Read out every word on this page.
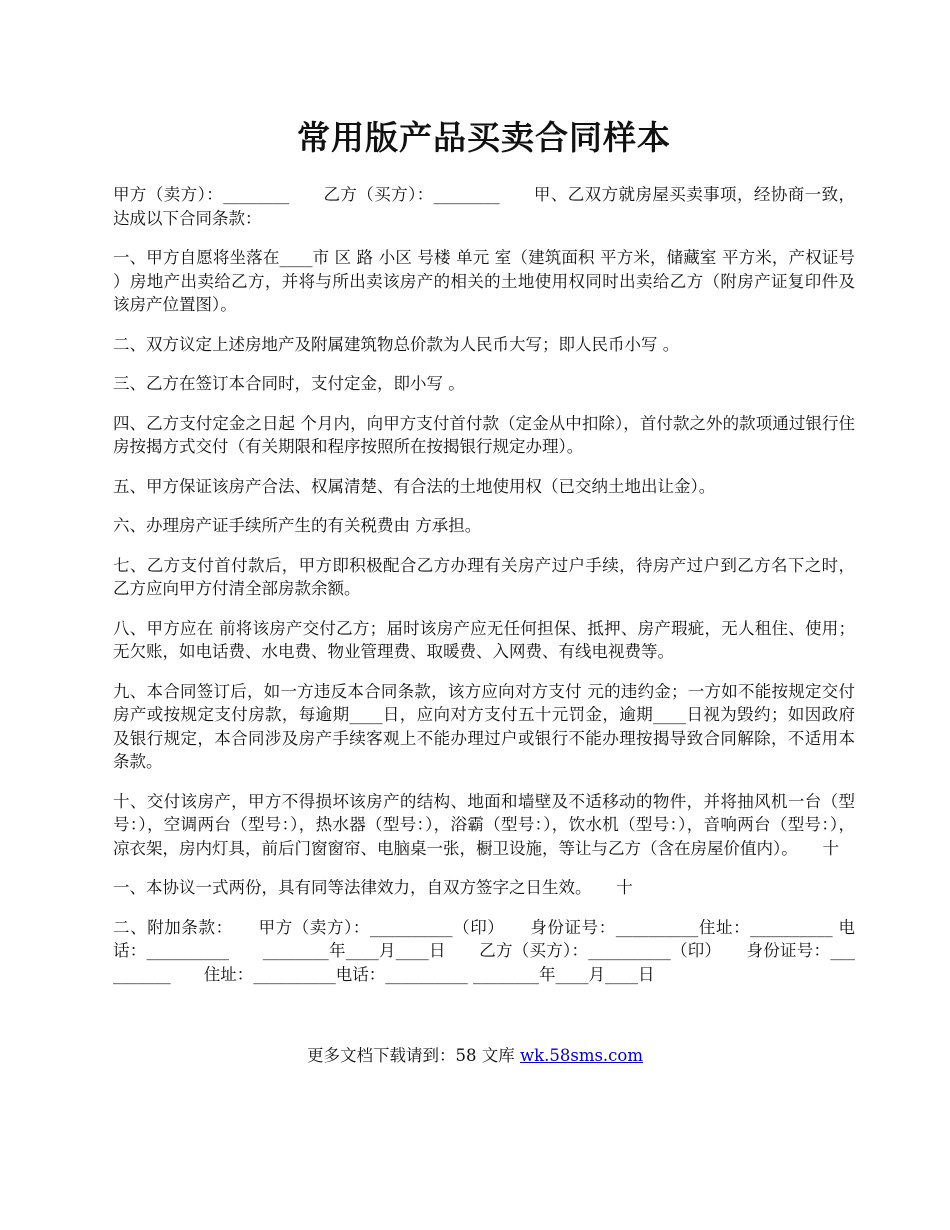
常用版产品买卖合同样本

甲方（卖方）：________　　乙方（买方）：________　　甲、乙双方就房屋买卖事项，经协商一致，达成以下合同条款：

一、甲方自愿将坐落在____市 区 路 小区 号楼 单元 室（建筑面积 平方米，储藏室 平方米，产权证号 ）房地产出卖给乙方，并将与所出卖该房产的相关的土地使用权同时出卖给乙方（附房产证复印件及该房产位置图）。

二、双方议定上述房地产及附属建筑物总价款为人民币大写；即人民币小写 。

三、乙方在签订本合同时，支付定金，即小写 。

四、乙方支付定金之日起 个月内，向甲方支付首付款（定金从中扣除），首付款之外的款项通过银行住房按揭方式交付（有关期限和程序按照所在按揭银行规定办理）。

五、甲方保证该房产合法、权属清楚、有合法的土地使用权（已交纳土地出让金）。

六、办理房产证手续所产生的有关税费由 方承担。

七、乙方支付首付款后，甲方即积极配合乙方办理有关房产过户手续，待房产过户到乙方名下之时，乙方应向甲方付清全部房款余额。

八、甲方应在 前将该房产交付乙方；届时该房产应无任何担保、抵押、房产瑕疵，无人租住、使用；无欠账，如电话费、水电费、物业管理费、取暖费、入网费、有线电视费等。

九、本合同签订后，如一方违反本合同条款，该方应向对方支付 元的违约金；一方如不能按规定交付房产或按规定支付房款，每逾期____日，应向对方支付五十元罚金，逾期____日视为毁约；如因政府及银行规定，本合同涉及房产手续客观上不能办理过户或银行不能办理按揭导致合同解除，不适用本条款。

十、交付该房产，甲方不得损坏该房产的结构、地面和墙壁及不适移动的物件，并将抽风机一台（型号：），空调两台（型号：），热水器（型号：），浴霸（型号：），饮水机（型号：），音响两台（型号：），凉衣架，房内灯具，前后门窗窗帘、电脑桌一张，橱卫设施，等让与乙方（含在房屋价值内）。　　十

一、本协议一式两份，具有同等法律效力，自双方签字之日生效。　　十

二、附加条款：　　甲方（卖方）：__________（印）　　身份证号：__________住址：__________ 电话：__________　　________年____月____日　　乙方（买方）：__________（印）　　身份证号：__________　　住址：__________电话：__________ ________年____月____日

更多文档下载请到：58 文库 wk.58sms.com
